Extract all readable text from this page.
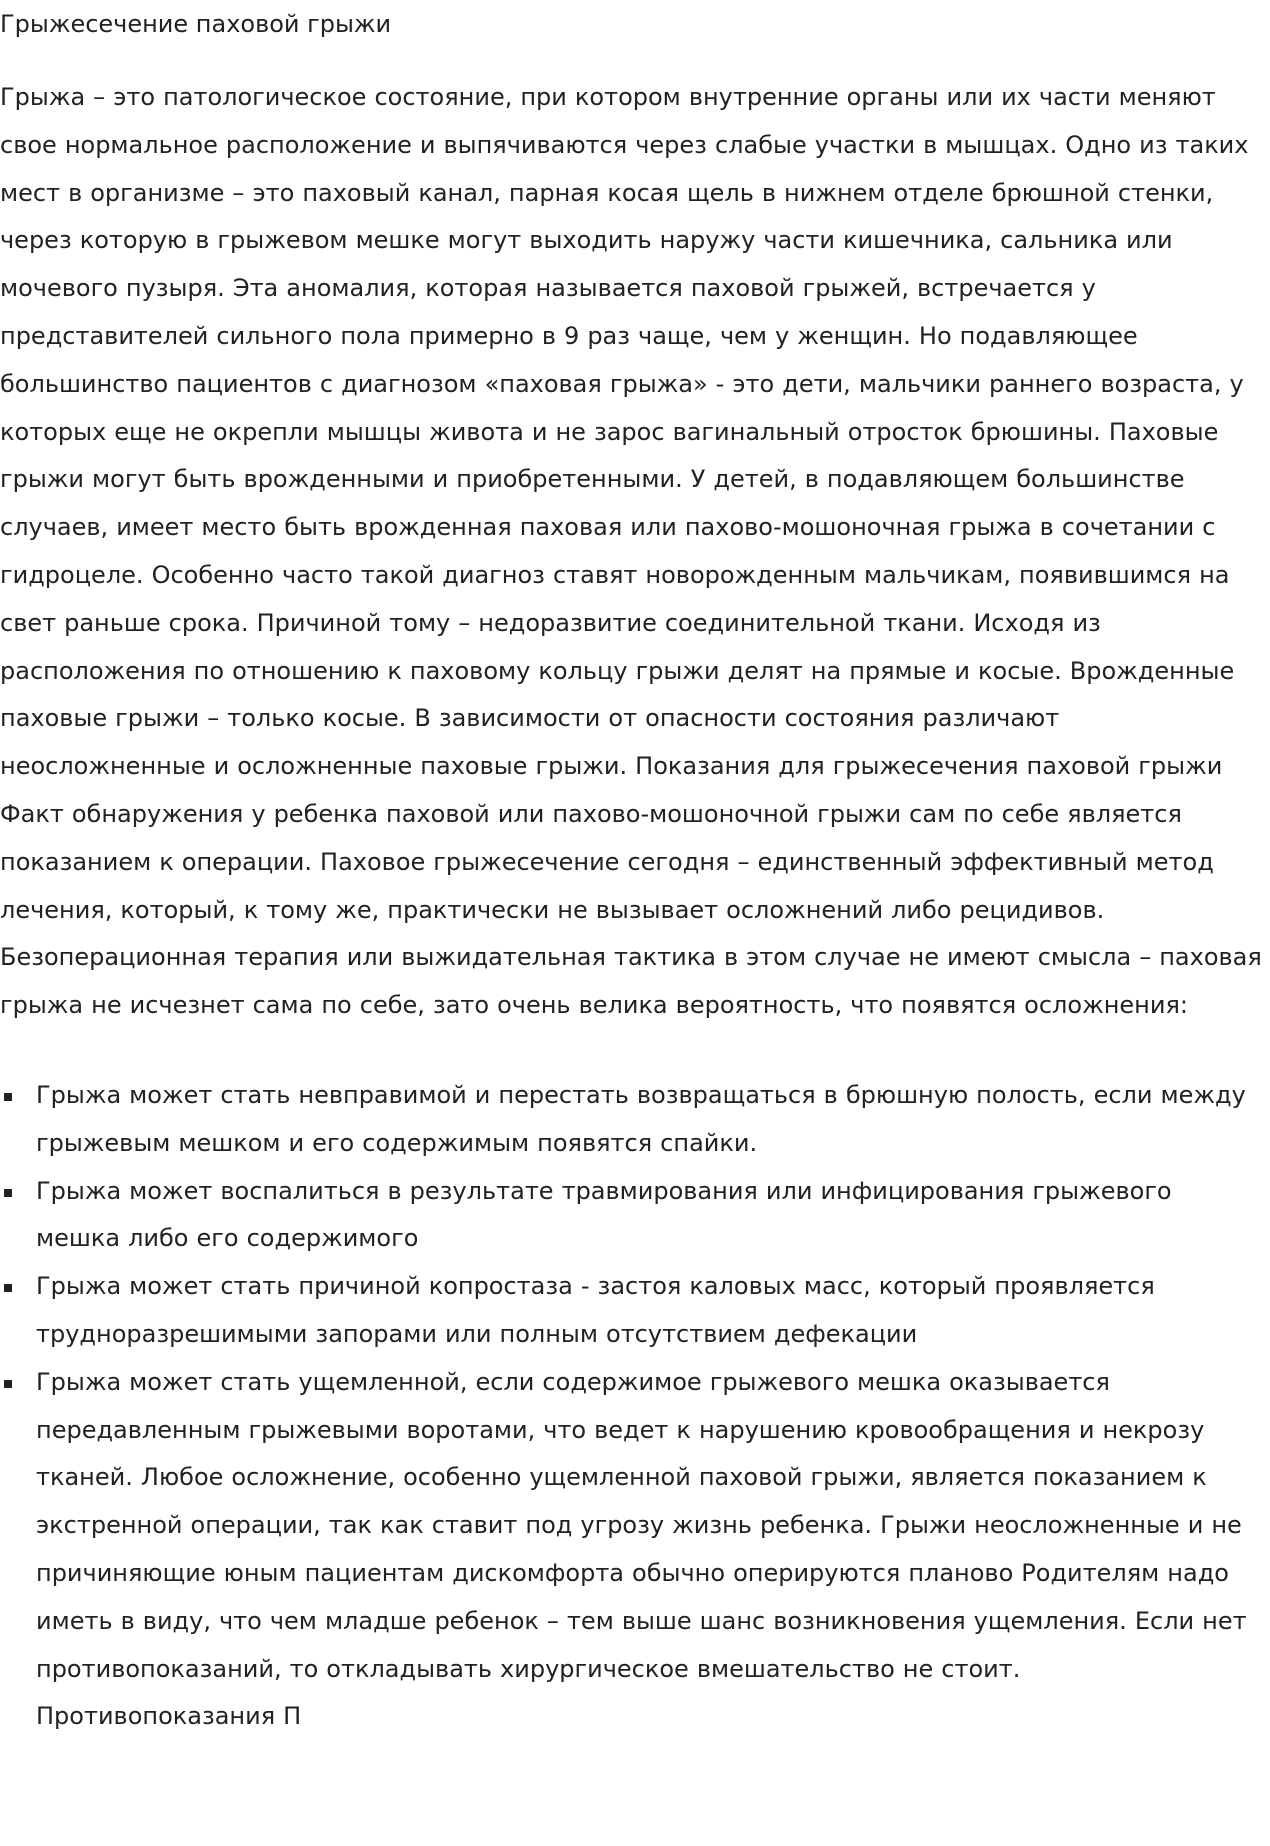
Грыжесечение паховой грыжи

Грыжа – это патологическое состояние, при котором внутренние органы или их части меняют свое нормальное расположение и выпячиваются через слабые участки в мышцах. Одно из таких мест в организме – это паховый канал, парная косая щель в нижнем отделе брюшной стенки, через которую в грыжевом мешке могут выходить наружу части кишечника, сальника или мочевого пузыря. Эта аномалия, которая называется паховой грыжей, встречается у представителей сильного пола примерно в 9 раз чаще, чем у женщин. Но подавляющее большинство пациентов с диагнозом «паховая грыжа» - это дети, мальчики раннего возраста, у которых еще не окрепли мышцы живота и не зарос вагинальный отросток брюшины. Паховые грыжи могут быть врожденными и приобретенными. У детей, в подавляющем большинстве случаев, имеет место быть врожденная паховая или пахово-мошоночная грыжа в сочетании с гидроцеле. Особенно часто такой диагноз ставят новорожденным мальчикам, появившимся на свет раньше срока. Причиной тому – недоразвитие соединительной ткани. Исходя из расположения по отношению к паховому кольцу грыжи делят на прямые и косые. Врожденные паховые грыжи – только косые. В зависимости от опасности состояния различают неосложненные и осложненные паховые грыжи. Показания для грыжесечения паховой грыжи Факт обнаружения у ребенка паховой или пахово-мошоночной грыжи сам по себе является показанием к операции. Паховое грыжесечение сегодня – единственный эффективный метод лечения, который, к тому же, практически не вызывает осложнений либо рецидивов. Безоперационная терапия или выжидательная тактика в этом случае не имеют смысла – паховая грыжа не исчезнет сама по себе, зато очень велика вероятность, что появятся осложнения:

Грыжа может стать невправимой и перестать возвращаться в брюшную полость, если между грыжевым мешком и его содержимым появятся спайки.
Грыжа может воспалиться в результате травмирования или инфицирования грыжевого мешка либо его содержимого
Грыжа может стать причиной копростаза - застоя каловых масс, который проявляется трудноразрешимыми запорами или полным отсутствием дефекации
Грыжа может стать ущемленной, если содержимое грыжевого мешка оказывается передавленным грыжевыми воротами, что ведет к нарушению кровообращения и некрозу тканей. Любое осложнение, особенно ущемленной паховой грыжи, является показанием к экстренной операции, так как ставит под угрозу жизнь ребенка. Грыжи неосложненные и не причиняющие юным пациентам дискомфорта обычно оперируются планово Родителям надо иметь в виду, что чем младше ребенок – тем выше шанс возникновения ущемления. Если нет противопоказаний, то откладывать хирургическое вмешательство не стоит. Противопоказания П
